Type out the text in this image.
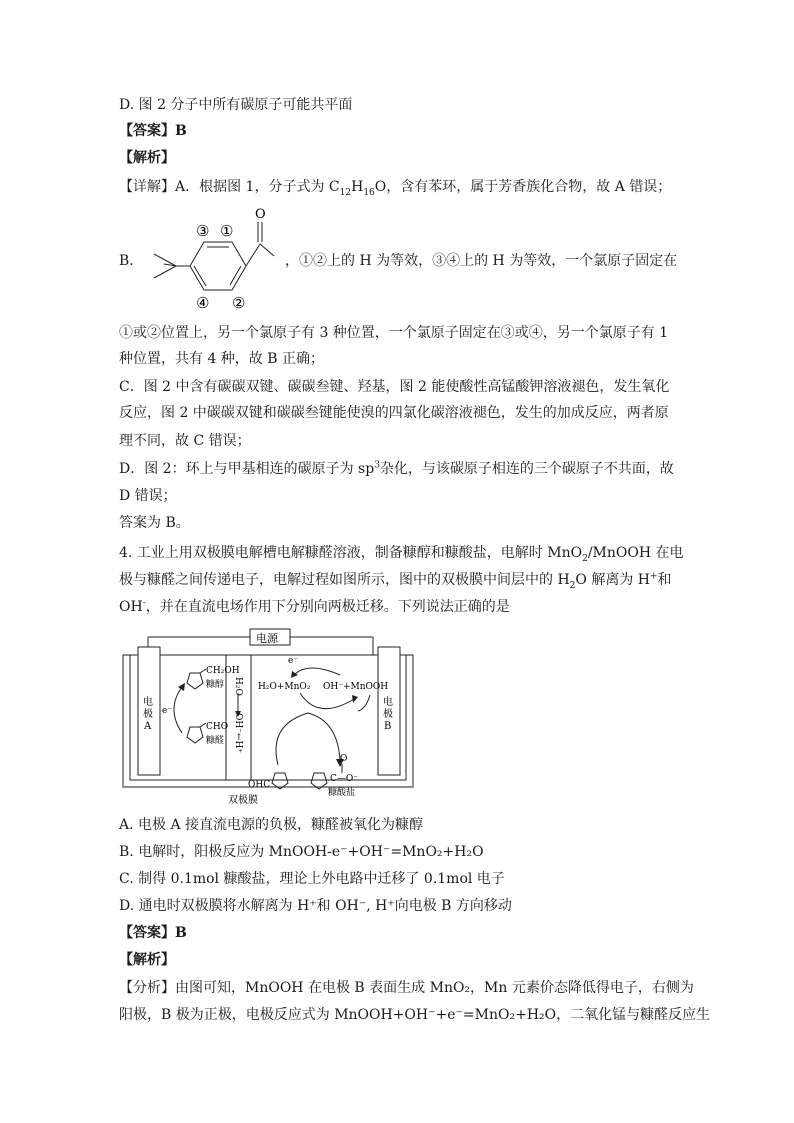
D. 图 2 分子中所有碳原子可能共平面
【答案】B
【解析】
【详解】A．根据图 1，分子式为 $C_{12}H_{16}O$，含有苯环，属于芳香族化合物，故 A 错误；
B．
O
①
③
④ ②
，①②上的 H 为等效，③④上的 H 为等效，一个氯原子固定在
①或②位置上，另一个氯原子有 3 种位置，一个氯原子固定在③或④，另一个氯原子有 1
种位置，共有 4 种，故 B 正确；
C．图 2 中含有碳碳双键、碳碳叁键、羟基，图 2 能使酸性高锰酸钾溶液褪色，发生氧化
反应，图 2 中碳碳双键和碳碳叁键能使溴的四氯化碳溶液褪色，发生的加成反应，两者原
理不同，故 C 错误；
D．图 2：环上与甲基相连的碳原子为 $sp^3$杂化，与该碳原子相连的三个碳原子不共面，故
D 错误；
答案为 B。
4. 工业上用双极膜电解槽电解糠醛溶液，制备糠醇和糠酸盐，电解时 MnO$_2$/MnOOH 在电
极与糠醛之间传递电子，电解过程如图所示，图中的双极膜中间层中的 $H_2O$ 解离为 H+和
OH-，并在直流电场作用下分别向两极迁移。下列说法正确的是
电源
电
极
A
电
极
B
H₂O
OH⁻←H⁺
双极膜
CH₂OH
糠醇
CHO
糠醛
e⁻
e⁻
H₂O+MnO₂ OH⁻+MnOOH
OHC
O
C—O⁻
糠酸盐
A. 电极 A 接直流电源的负极，糠醛被氧化为糠醇
B. 电解时，阳极反应为 MnOOH-e⁻+OH⁻=MnO₂+H₂O
C. 制得 0.1mol 糠酸盐，理论上外电路中迁移了 0.1mol 电子
D. 通电时双极膜将水解离为 H⁺和 OH⁻, H⁺向电极 B 方向移动
【答案】B
【解析】
【分析】由图可知，MnOOH 在电极 B 表面生成 MnO₂，Mn 元素价态降低得电子，右侧为
阳极，B 极为正极，电极反应式为 MnOOH+OH⁻+e⁻=MnO₂+H₂O，二氧化锰与糠醛反应生
